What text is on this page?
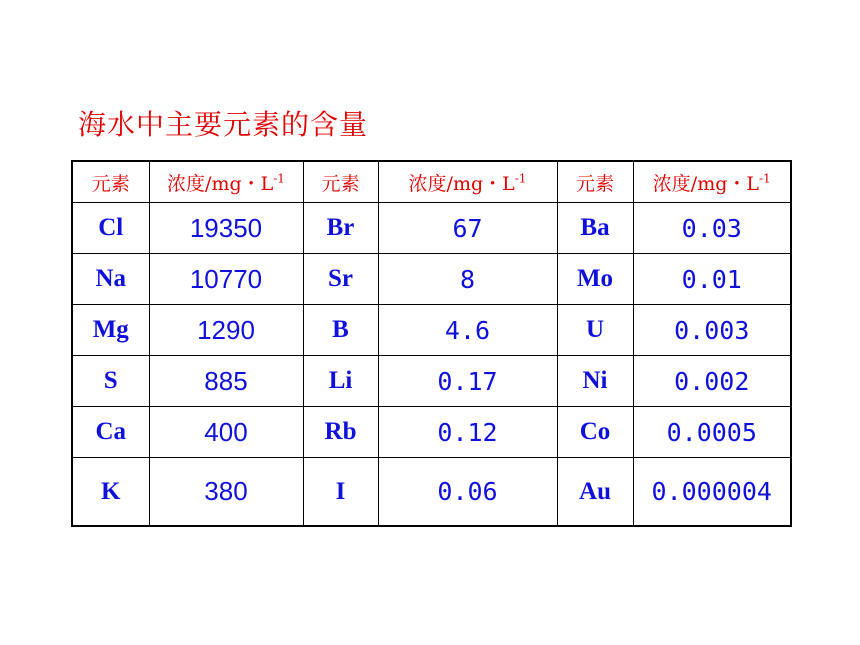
海水中主要元素的含量
元素	浓度/mg・$L^{-1}$	元素	浓度/mg・$L^{-1}$	元素	浓度/mg・$L^{-1}$
Cl	19350	Br	67	Ba	0.03
Na	10770	Sr	8	Mo	0.01
Mg	1290	B	4.6	U	0.003
S	885	Li	0.17	Ni	0.002
Ca	400	Rb	0.12	Co	0.0005
K	380	I	0.06	Au	0.000004
